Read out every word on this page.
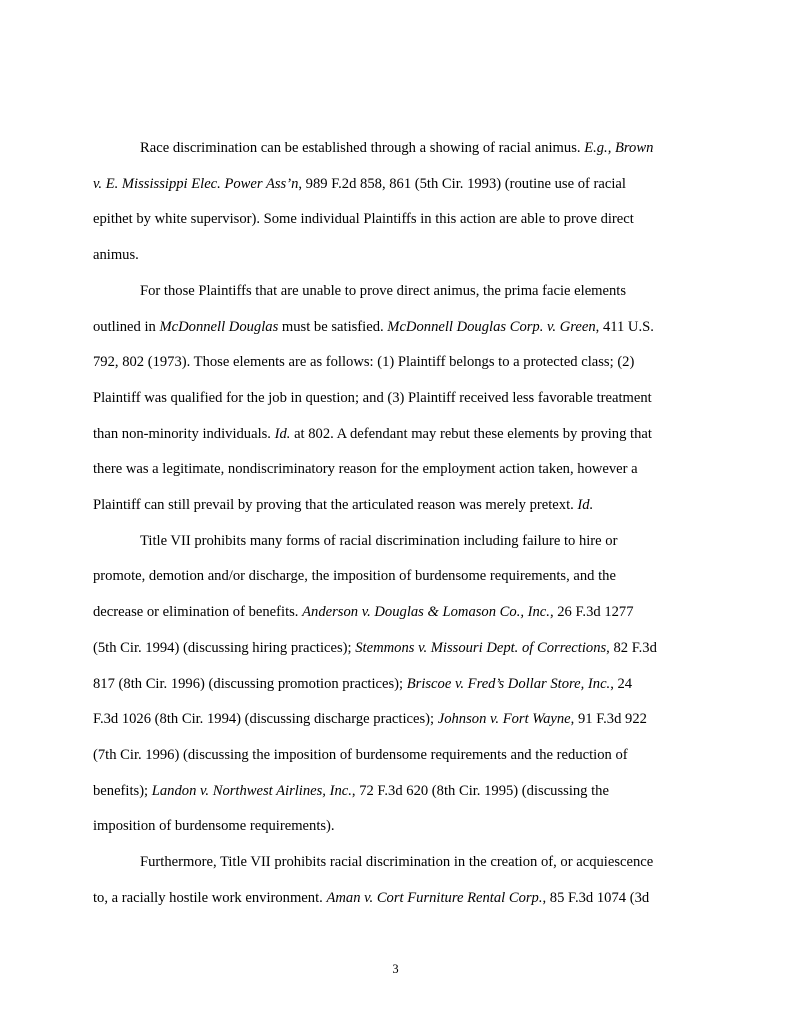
Race discrimination can be established through a showing of racial animus. E.g., Brown
v. E. Mississippi Elec. Power Ass’n, 989 F.2d 858, 861 (5th Cir. 1993) (routine use of racial
epithet by white supervisor). Some individual Plaintiffs in this action are able to prove direct
animus.

For those Plaintiffs that are unable to prove direct animus, the prima facie elements
outlined in McDonnell Douglas must be satisfied. McDonnell Douglas Corp. v. Green, 411 U.S.
792, 802 (1973). Those elements are as follows: (1) Plaintiff belongs to a protected class; (2)
Plaintiff was qualified for the job in question; and (3) Plaintiff received less favorable treatment
than non-minority individuals. Id. at 802. A defendant may rebut these elements by proving that
there was a legitimate, nondiscriminatory reason for the employment action taken, however a
Plaintiff can still prevail by proving that the articulated reason was merely pretext. Id.

Title VII prohibits many forms of racial discrimination including failure to hire or
promote, demotion and/or discharge, the imposition of burdensome requirements, and the
decrease or elimination of benefits. Anderson v. Douglas & Lomason Co., Inc., 26 F.3d 1277
(5th Cir. 1994) (discussing hiring practices); Stemmons v. Missouri Dept. of Corrections, 82 F.3d
817 (8th Cir. 1996) (discussing promotion practices); Briscoe v. Fred’s Dollar Store, Inc., 24
F.3d 1026 (8th Cir. 1994) (discussing discharge practices); Johnson v. Fort Wayne, 91 F.3d 922
(7th Cir. 1996) (discussing the imposition of burdensome requirements and the reduction of
benefits); Landon v. Northwest Airlines, Inc., 72 F.3d 620 (8th Cir. 1995) (discussing the
imposition of burdensome requirements).

Furthermore, Title VII prohibits racial discrimination in the creation of, or acquiescence
to, a racially hostile work environment. Aman v. Cort Furniture Rental Corp., 85 F.3d 1074 (3d

3
